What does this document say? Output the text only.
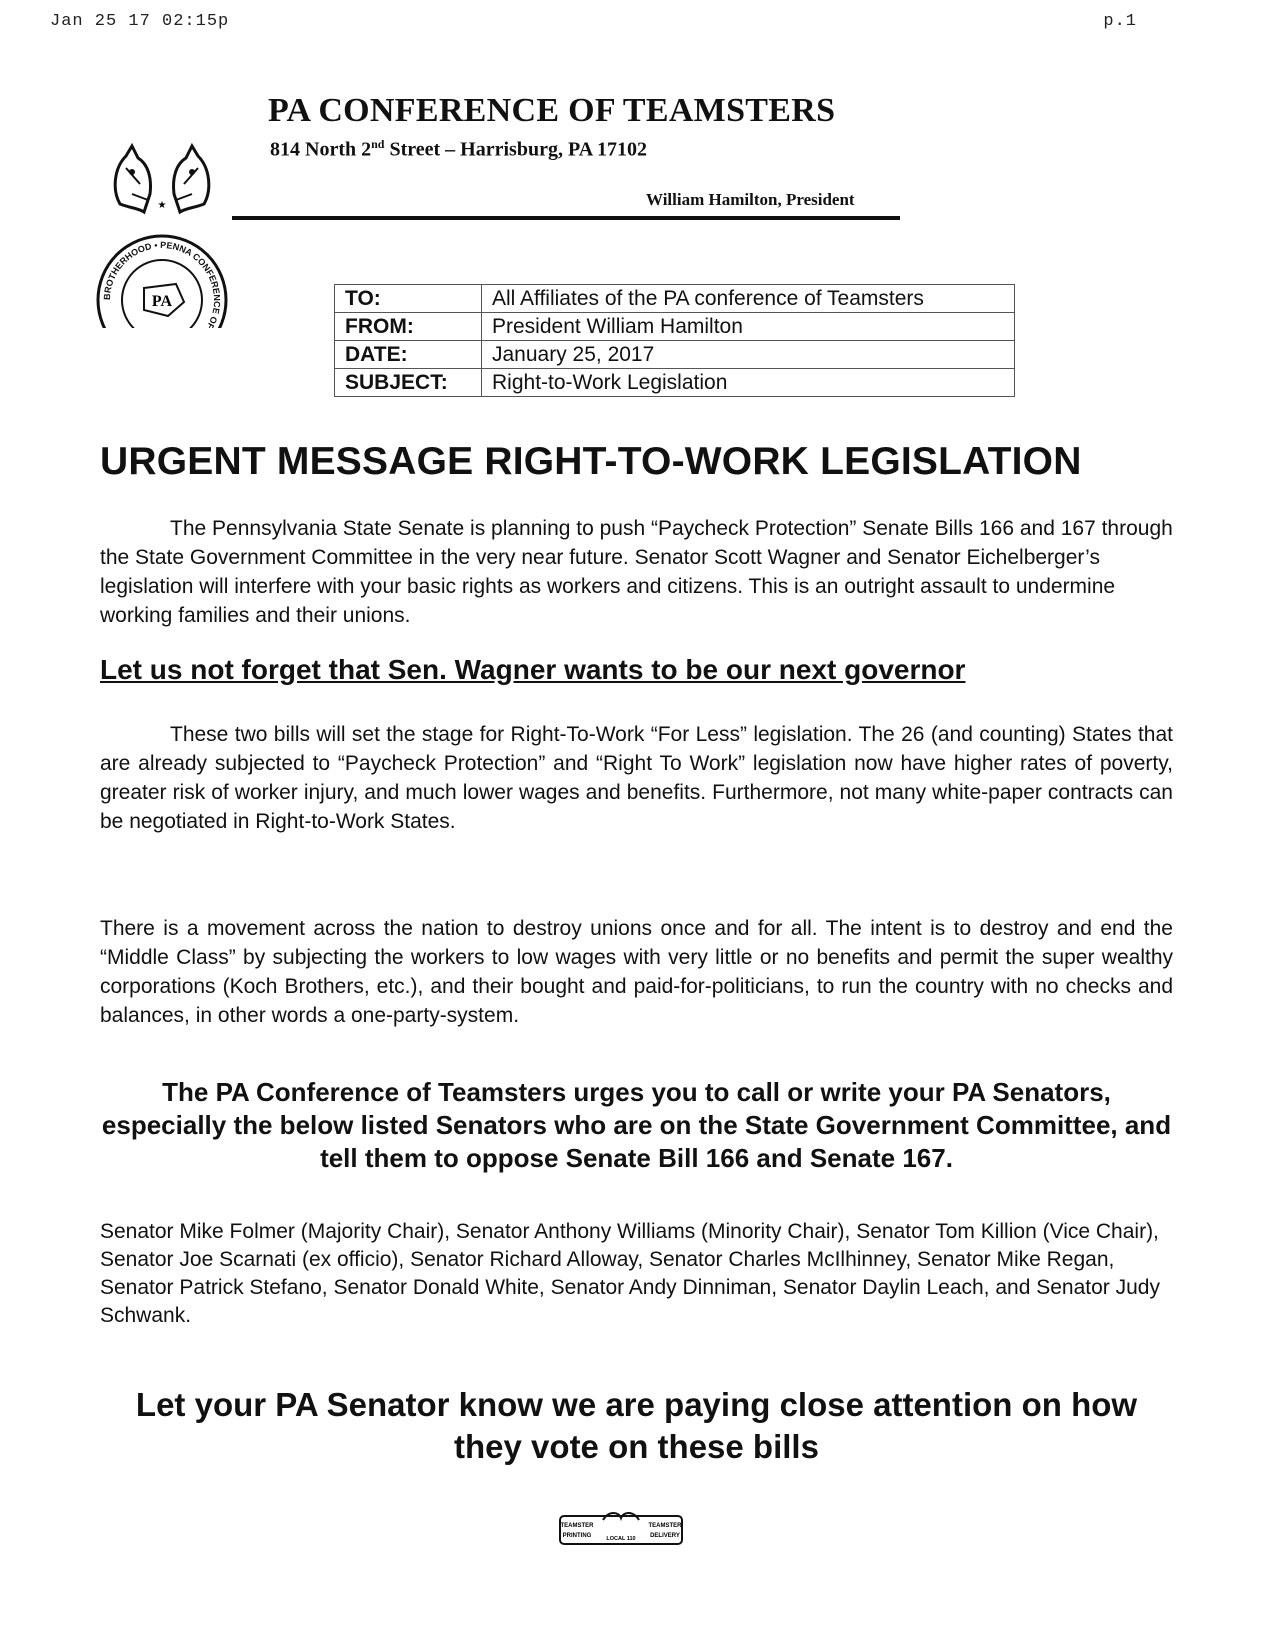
Jan 25 17 02:15p	p.1
★
BROTHERHOOD • PENNA CONFERENCE OF
PA
PA CONFERENCE OF TEAMSTERS
814 North 2nd Street – Harrisburg, PA 17102
William Hamilton, President
TO:	All Affiliates of the PA conference of Teamsters
FROM:	President William Hamilton
DATE:	January 25, 2017
SUBJECT:	Right-to-Work Legislation
URGENT MESSAGE RIGHT-TO-WORK LEGISLATION

The Pennsylvania State Senate is planning to push “Paycheck Protection” Senate Bills 166 and 167 through the State Government Committee in the very near future. Senator Scott Wagner and Senator Eichelberger’s legislation will interfere with your basic rights as workers and citizens. This is an outright assault to undermine working families and their unions.

Let us not forget that Sen. Wagner wants to be our next governor

These two bills will set the stage for Right-To-Work “For Less” legislation. The 26 (and counting) States that are already subjected to “Paycheck Protection” and “Right To Work” legislation now have higher rates of poverty, greater risk of worker injury, and much lower wages and benefits. Furthermore, not many white-paper contracts can be negotiated in Right-to-Work States.

There is a movement across the nation to destroy unions once and for all. The intent is to destroy and end the “Middle Class” by subjecting the workers to low wages with very little or no benefits and permit the super wealthy corporations (Koch Brothers, etc.), and their bought and paid-for-politicians, to run the country with no checks and balances, in other words a one-party-system.

The PA Conference of Teamsters urges you to call or write your PA Senators, especially the below listed Senators who are on the State Government Committee, and tell them to oppose Senate Bill 166 and Senate 167.

Senator Mike Folmer (Majority Chair), Senator Anthony Williams (Minority Chair), Senator Tom Killion (Vice Chair), Senator Joe Scarnati (ex officio), Senator Richard Alloway, Senator Charles McIlhinney, Senator Mike Regan, Senator Patrick Stefano, Senator Donald White, Senator Andy Dinniman, Senator Daylin Leach, and Senator Judy Schwank.

Let your PA Senator know we are paying close attention on how they vote on these bills

TEAMSTER
PRINTING
TEAMSTER
DELIVERY
LOCAL 110
